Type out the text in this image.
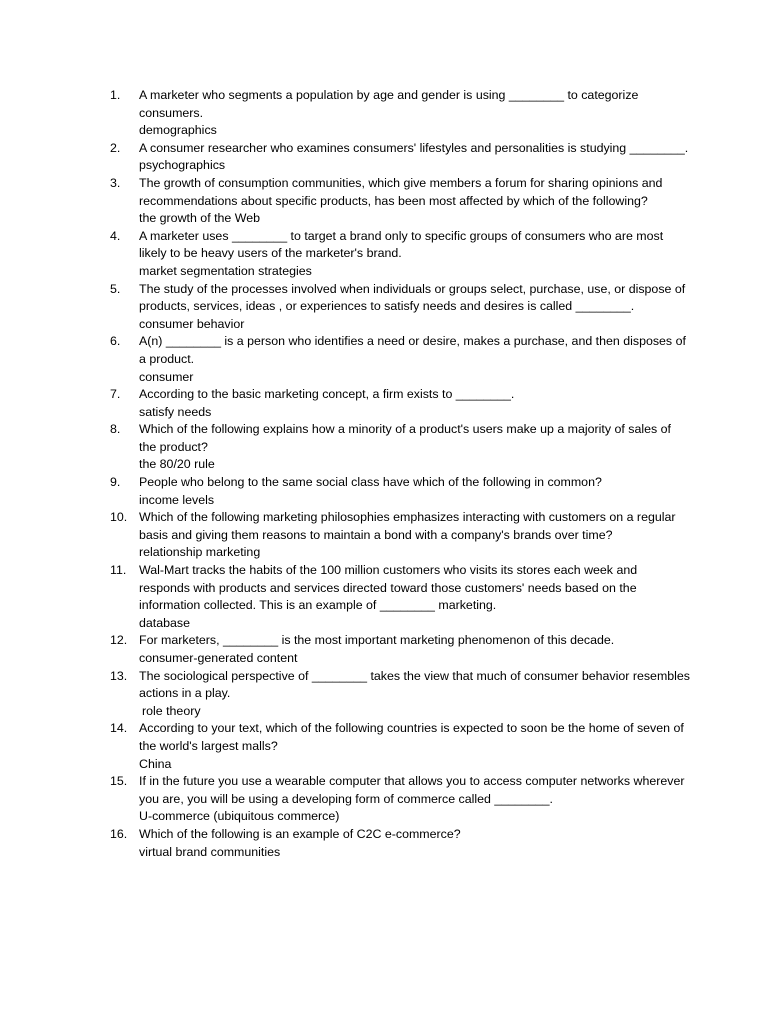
1.	A marketer who segments a population by age and gender is using ________ to categorize consumers.
demographics
2.	A consumer researcher who examines consumers' lifestyles and personalities is studying ________.
psychographics
3.	The growth of consumption communities, which give members a forum for sharing opinions and recommendations about specific products, has been most affected by which of the following?
the growth of the Web
4.	A marketer uses ________ to target a brand only to specific groups of consumers who are most likely to be heavy users of the marketer's brand.
market segmentation strategies
5.	The study of the processes involved when individuals or groups select, purchase, use, or dispose of products, services, ideas , or experiences to satisfy needs and desires is called ________.
consumer behavior
6.	A(n) ________ is a person who identifies a need or desire, makes a purchase, and then disposes of a product.
consumer
7.	According to the basic marketing concept, a firm exists to ________.
satisfy needs
8.	Which of the following explains how a minority of a product's users make up a majority of sales of the product?
the 80/20 rule
9.	People who belong to the same social class have which of the following in common?
income levels
10. Which of the following marketing philosophies emphasizes interacting with customers on a regular basis and giving them reasons to maintain a bond with a company's brands over time?
relationship marketing
11.	Wal-Mart tracks the habits of the 100 million customers who visits its stores each week and responds with products and services directed toward those customers' needs based on the information collected. This is an example of ________ marketing.
database
12. For marketers, ________ is the most important marketing phenomenon of this decade.
consumer-generated content
13. The sociological perspective of ________ takes the view that much of consumer behavior resembles actions in a play.
role theory
14. According to your text, which of the following countries is expected to soon be the home of seven of the world's largest malls?
China
15. If in the future you use a wearable computer that allows you to access computer networks wherever you are, you will be using a developing form of commerce called ________.
U-commerce (ubiquitous commerce)
16. Which of the following is an example of C2C e-commerce?
virtual brand communities
